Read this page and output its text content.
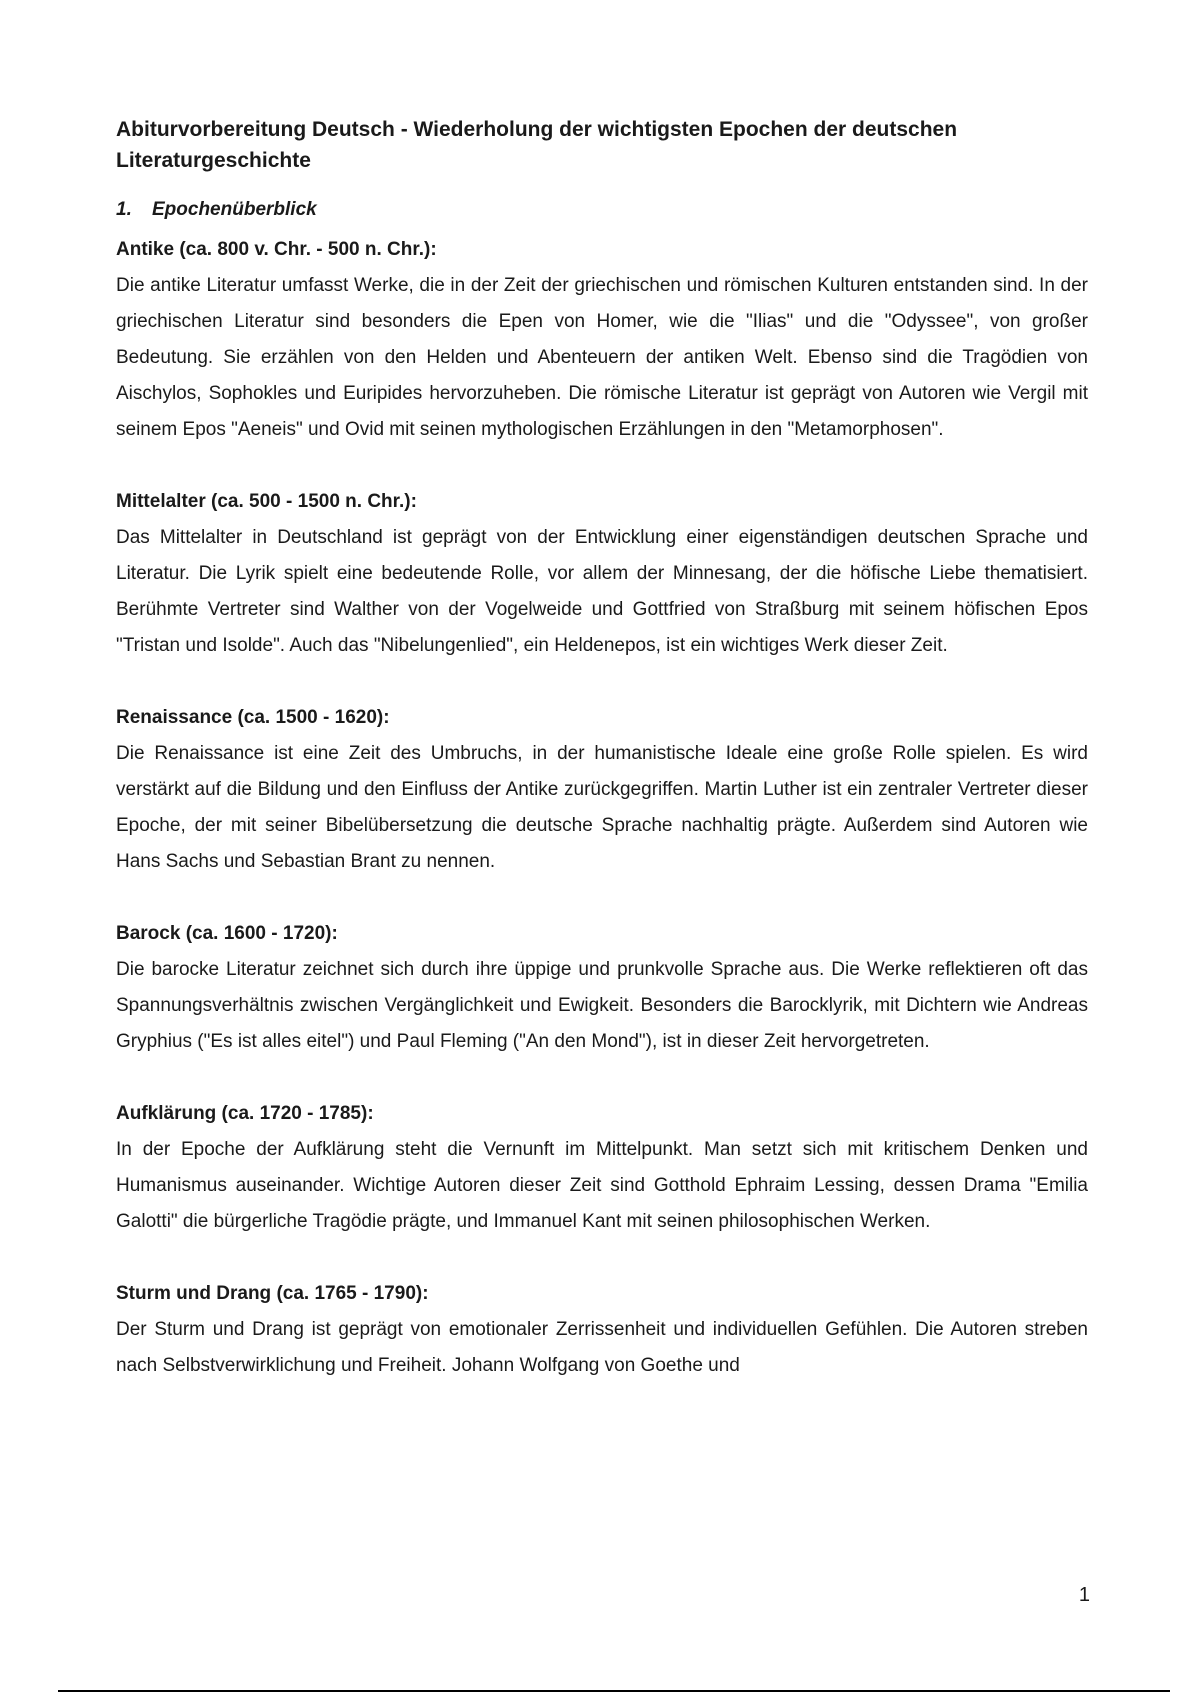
Abiturvorbereitung Deutsch - Wiederholung der wichtigsten Epochen der deutschen Literaturgeschichte
1. Epochenüberblick
Antike (ca. 800 v. Chr. - 500 n. Chr.):

Die antike Literatur umfasst Werke, die in der Zeit der griechischen und römischen Kulturen entstanden sind. In der griechischen Literatur sind besonders die Epen von Homer, wie die "Ilias" und die "Odyssee", von großer Bedeutung. Sie erzählen von den Helden und Abenteuern der antiken Welt. Ebenso sind die Tragödien von Aischylos, Sophokles und Euripides hervorzuheben. Die römische Literatur ist geprägt von Autoren wie Vergil mit seinem Epos "Aeneis" und Ovid mit seinen mythologischen Erzählungen in den "Metamorphosen".

Mittelalter (ca. 500 - 1500 n. Chr.):

Das Mittelalter in Deutschland ist geprägt von der Entwicklung einer eigenständigen deutschen Sprache und Literatur. Die Lyrik spielt eine bedeutende Rolle, vor allem der Minnesang, der die höfische Liebe thematisiert. Berühmte Vertreter sind Walther von der Vogelweide und Gottfried von Straßburg mit seinem höfischen Epos "Tristan und Isolde". Auch das "Nibelungenlied", ein Heldenepos, ist ein wichtiges Werk dieser Zeit.

Renaissance (ca. 1500 - 1620):

Die Renaissance ist eine Zeit des Umbruchs, in der humanistische Ideale eine große Rolle spielen. Es wird verstärkt auf die Bildung und den Einfluss der Antike zurückgegriffen. Martin Luther ist ein zentraler Vertreter dieser Epoche, der mit seiner Bibelübersetzung die deutsche Sprache nachhaltig prägte. Außerdem sind Autoren wie Hans Sachs und Sebastian Brant zu nennen.

Barock (ca. 1600 - 1720):

Die barocke Literatur zeichnet sich durch ihre üppige und prunkvolle Sprache aus. Die Werke reflektieren oft das Spannungsverhältnis zwischen Vergänglichkeit und Ewigkeit. Besonders die Barocklyrik, mit Dichtern wie Andreas Gryphius ("Es ist alles eitel") und Paul Fleming ("An den Mond"), ist in dieser Zeit hervorgetreten.

Aufklärung (ca. 1720 - 1785):

In der Epoche der Aufklärung steht die Vernunft im Mittelpunkt. Man setzt sich mit kritischem Denken und Humanismus auseinander. Wichtige Autoren dieser Zeit sind Gotthold Ephraim Lessing, dessen Drama "Emilia Galotti" die bürgerliche Tragödie prägte, und Immanuel Kant mit seinen philosophischen Werken.

Sturm und Drang (ca. 1765 - 1790):

Der Sturm und Drang ist geprägt von emotionaler Zerrissenheit und individuellen Gefühlen. Die Autoren streben nach Selbstverwirklichung und Freiheit. Johann Wolfgang von Goethe und

1
